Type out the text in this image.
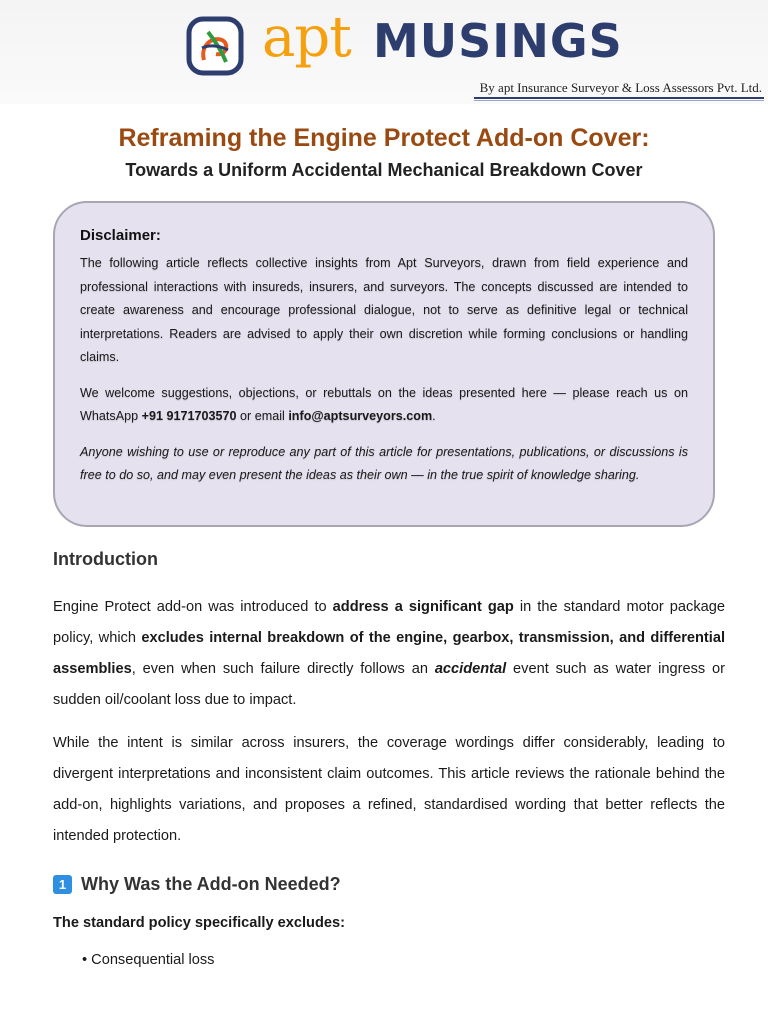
apt MUSINGS
By apt Insurance Surveyor & Loss Assessors Pvt. Ltd.
Reframing the Engine Protect Add-on Cover:
Towards a Uniform Accidental Mechanical Breakdown Cover

Disclaimer:

The following article reflects collective insights from Apt Surveyors, drawn from field experience and professional interactions with insureds, insurers, and surveyors. The concepts discussed are intended to create awareness and encourage professional dialogue, not to serve as definitive legal or technical interpretations. Readers are advised to apply their own discretion while forming conclusions or handling claims.

We welcome suggestions, objections, or rebuttals on the ideas presented here — please reach us on WhatsApp +91 9171703570 or email info@aptsurveyors.com.

Anyone wishing to use or reproduce any part of this article for presentations, publications, or discussions is free to do so, and may even present the ideas as their own — in the true spirit of knowledge sharing.

Introduction

Engine Protect add-on was introduced to address a significant gap in the standard motor package policy, which excludes internal breakdown of the engine, gearbox, transmission, and differential assemblies, even when such failure directly follows an accidental event such as water ingress or sudden oil/coolant loss due to impact.

While the intent is similar across insurers, the coverage wordings differ considerably, leading to divergent interpretations and inconsistent claim outcomes. This article reviews the rationale behind the add-on, highlights variations, and proposes a refined, standardised wording that better reflects the intended protection.

1 Why Was the Add-on Needed?

The standard policy specifically excludes:

• Consequential loss
